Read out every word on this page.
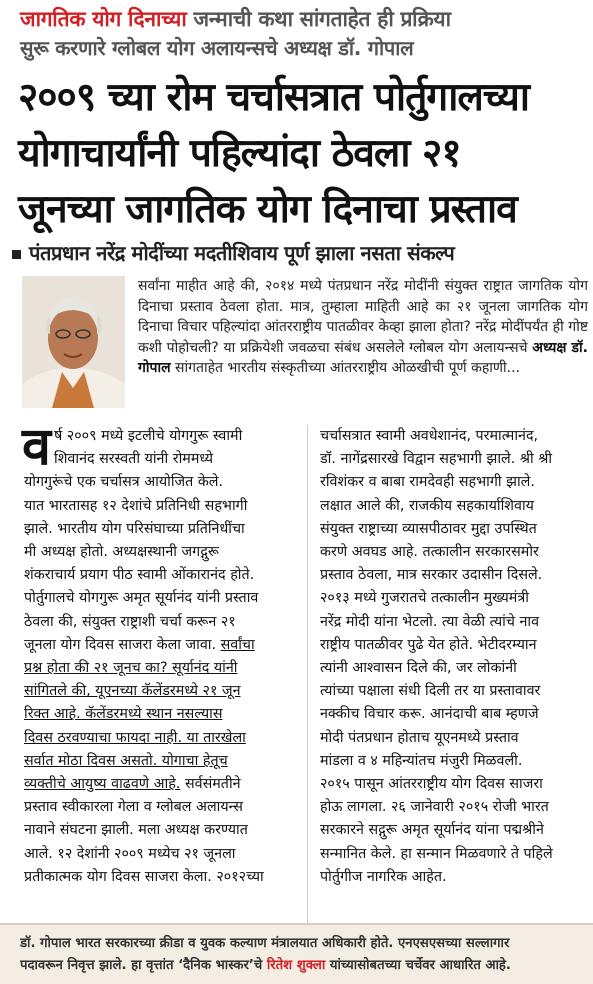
जागतिक योग दिनाच्या जन्माची कथा सांगताहेत ही प्रक्रिया
सुरू करणारे ग्लोबल योग अलायन्सचे अध्यक्ष डॉ. गोपाल
२००९ च्या रोम चर्चासत्रात पोर्तुगालच्या
योगाचार्यांनी पहिल्यांदा ठेवला २१
जूनच्या जागतिक योग दिनाचा प्रस्ताव
पंतप्रधान नरेंद्र मोदींच्या मदतीशिवाय पूर्ण झाला नसता संकल्प
सर्वांना माहीत आहे की, २०१४ मध्ये पंतप्रधान नरेंद्र मोदींनी संयुक्त राष्ट्रात जागतिक योग दिनाचा प्रस्ताव ठेवला होता. मात्र, तुम्हाला माहिती आहे का २१ जूनला जागतिक योग दिनाचा विचार पहिल्यांदा आंतरराष्ट्रीय पातळीवर केव्हा झाला होता? नरेंद्र मोदींपर्यंत ही गोष्ट कशी पोहोचली? या प्रक्रियेशी जवळचा संबंध असलेले ग्लोबल योग अलायन्सचे अध्यक्ष डॉ. गोपाल सांगताहेत भारतीय संस्कृतीच्या आंतरराष्ट्रीय ओळखीची पूर्ण कहाणी...
व र्ष २००९ मध्ये इटलीचे योगगुरू स्वामी
शिवानंद सरस्वती यांनी रोममध्ये
योगगुरूंचे एक चर्चासत्र आयोजित केले.
यात भारतासह १२ देशांचे प्रतिनिधी सहभागी
झाले. भारतीय योग परिसंघाच्या प्रतिनिधींचा
मी अध्यक्ष होतो. अध्यक्षस्थानी जगद्गुरू
शंकराचार्य प्रयाग पीठ स्वामी ओंकारानंद होते.
पोर्तुगालचे योगगुरू अमृत सूर्यानंद यांनी प्रस्ताव
ठेवला की, संयुक्त राष्ट्राशी चर्चा करून २१
जूनला योग दिवस साजरा केला जावा. सर्वांचा
प्रश्न होता की २१ जूनच का? सूर्यानंद यांनी
सांगितले की, यूएनच्या कॅलेंडरमध्ये २१ जून
रिक्त आहे. कॅलेंडरमध्ये स्थान नसल्यास
दिवस ठरवण्याचा फायदा नाही. या तारखेला
सर्वात मोठा दिवस असतो. योगाचा हेतूच
व्यक्तीचे आयुष्य वाढवणे आहे. सर्वसंमतीने
प्रस्ताव स्वीकारला गेला व ग्लोबल अलायन्स
नावाने संघटना झाली. मला अध्यक्ष करण्यात
आले. १२ देशांनी २००९ मध्येच २१ जूनला
प्रतीकात्मक योग दिवस साजरा केला. २०१२च्या
चर्चासत्रात स्वामी अवधेशानंद, परमात्मानंद,
डॉ. नागेंद्रसारखे विद्वान सहभागी झाले. श्री श्री
रविशंकर व बाबा रामदेवही सहभागी झाले.
लक्षात आले की, राजकीय सहकार्याशिवाय
संयुक्त राष्ट्राच्या व्यासपीठावर मुद्दा उपस्थित
करणे अवघड आहे. तत्कालीन सरकारसमोर
प्रस्ताव ठेवला, मात्र सरकार उदासीन दिसले.
२०१३ मध्ये गुजरातचे तत्कालीन मुख्यमंत्री
नरेंद्र मोदी यांना भेटलो. त्या वेळी त्यांचे नाव
राष्ट्रीय पातळीवर पुढे येत होते. भेटीदरम्यान
त्यांनी आश्वासन दिले की, जर लोकांनी
त्यांच्या पक्षाला संधी दिली तर या प्रस्तावावर
नक्कीच विचार करू. आनंदाची बाब म्हणजे
मोदी पंतप्रधान होताच यूएनमध्ये प्रस्ताव
मांडला व ४ महिन्यांतच मंजुरी मिळवली.
२०१५ पासून आंतरराष्ट्रीय योग दिवस साजरा
होऊ लागला. २६ जानेवारी २०१५ रोजी भारत
सरकारने सद्गुरू अमृत सूर्यानंद यांना पद्मश्रीने
सन्मानित केले. हा सन्मान मिळवणारे ते पहिले
पोर्तुगीज नागरिक आहेत.
डॉ. गोपाल भारत सरकारच्या क्रीडा व युवक कल्याण मंत्रालयात अधिकारी होते. एनएसएसच्या सल्लागार
पदावरून निवृत्त झाले. हा वृत्तांत ‘दैनिक भास्कर’चे रितेश शुक्ला यांच्यासोबतच्या चर्चेवर आधारित आहे.
